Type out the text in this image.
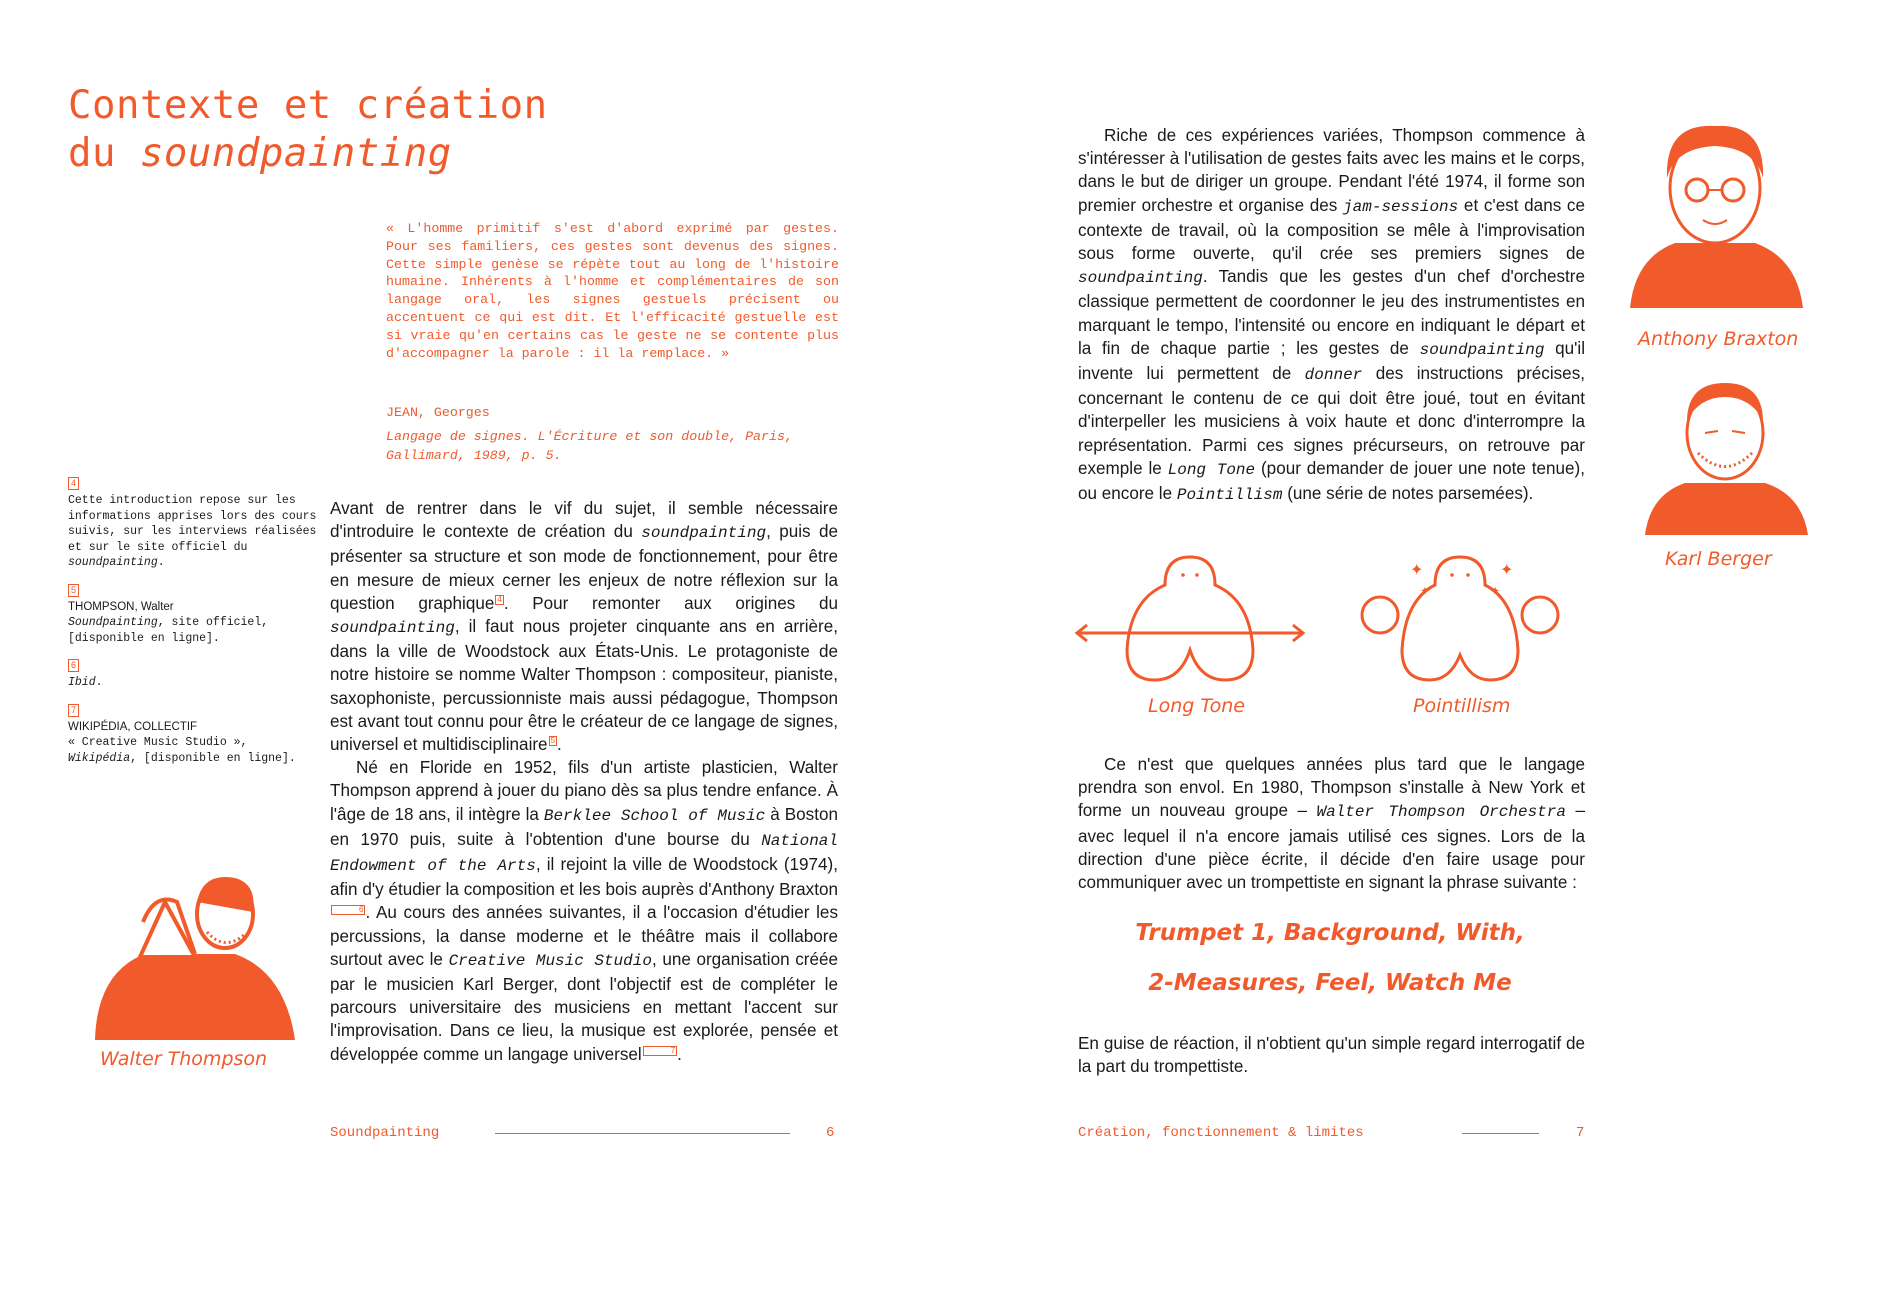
Contexte et création
du soundpainting
« L'homme primitif s'est d'abord exprimé par gestes. Pour ses familiers, ces gestes sont devenus des signes. Cette simple genèse se répète tout au long de l'histoire humaine. Inhérents à l'homme et complémentaires de son langage oral, les signes gestuels précisent ou accentuent ce qui est dit. Et l'efficacité gestuelle est si vraie qu'en certains cas le geste ne se contente plus d'accompagner la parole : il la remplace. »
JEAN, Georges
Langage de signes. L'Écriture et son double, Paris, Gallimard, 1989, p. 5.
4
Cette introduction repose sur les informations apprises lors des cours suivis, sur les interviews réalisées et sur le site officiel du soundpainting.
5
THOMPSON, Walter
Soundpainting, site officiel, [disponible en ligne].
6
Ibid.
7
WIKIPÉDIA, COLLECTIF
« Creative Music Studio », Wikipédia, [disponible en ligne].
Walter Thompson

Avant de rentrer dans le vif du sujet, il semble nécessaire d'introduire le contexte de création du soundpainting, puis de présenter sa structure et son mode de fonctionnement, pour être en mesure de mieux cerner les enjeux de notre réflexion sur la question graphique 4 . Pour remonter aux origines du soundpainting, il faut nous projeter cinquante ans en arrière, dans la ville de Woodstock aux États-Unis. Le protagoniste de notre histoire se nomme Walter Thompson : compositeur, pianiste, saxophoniste, percussionniste mais aussi pédagogue, Thompson est avant tout connu pour être le créateur de ce langage de signes, universel et multidisciplinaire 5 .

Né en Floride en 1952, fils d'un artiste plasticien, Walter Thompson apprend à jouer du piano dès sa plus tendre enfance. À l'âge de 18 ans, il intègre la Berklee School of Music à Boston en 1970 puis, suite à l'obtention d'une bourse du National Endowment of the Arts, il rejoint la ville de Woodstock (1974), afin d'y étudier la composition et les bois auprès d'Anthony Braxton6 . Au cours des années suivantes, il a l'occasion d'étudier les percussions, la danse moderne et le théâtre mais il collabore surtout avec le Creative Music Studio, une organisation créée par le musicien Karl Berger, dont l'objectif est de compléter le parcours universitaire des musiciens en mettant l'accent sur l'improvisation. Dans ce lieu, la musique est explorée, pensée et développée comme un langage universel	7 .

Soundpainting	6

Riche de ces expériences variées, Thompson commence à s'intéresser à l'utilisation de gestes faits avec les mains et le corps, dans le but de diriger un groupe. Pendant l'été 1974, il forme son premier orchestre et organise des jam-sessions et c'est dans ce contexte de travail, où la composition se mêle à l'improvisation sous forme ouverte, qu'il crée ses premiers signes de soundpainting. Tandis que les gestes d'un chef d'orchestre classique permettent de coordonner le jeu des instrumentistes en marquant le tempo, l'intensité ou encore en indiquant le départ et la fin de chaque partie ; les gestes de soundpainting qu'il invente lui permettent de donner des instructions précises, concernant le contenu de ce qui doit être joué, tout en évitant d'interpeller les musiciens à voix haute et donc d'interrompre la représentation. Parmi ces signes précurseurs, on retrouve par exemple le Long Tone (pour demander de jouer une note tenue), ou encore le Pointillism (une série de notes parsemées).

Long Tone
✦	✦
✦	✦
Pointillism

Ce n'est que quelques années plus tard que le langage prendra son envol. En 1980, Thompson s'installe à New York et forme un nouveau groupe – Walter Thompson Orchestra – avec lequel il n'a encore jamais utilisé ces signes. Lors de la direction d'une pièce écrite, il décide d'en faire usage pour communiquer avec un trompettiste en signant la phrase suivante :

Trumpet 1, Background, With,
2-Measures, Feel, Watch Me

En guise de réaction, il n'obtient qu'un simple regard interrogatif de la part du trompettiste.

Anthony Braxton
Karl Berger
Création, fonctionnement & limites	7
